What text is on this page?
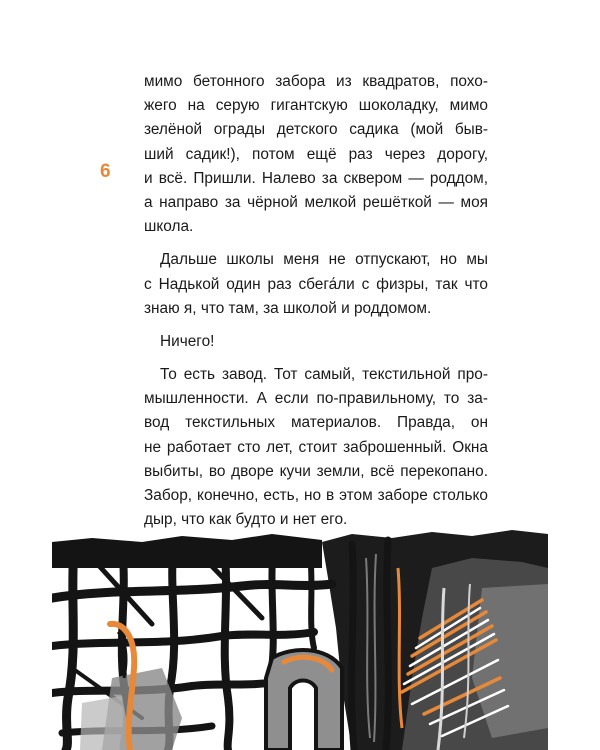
6
мимо бетонного забора из квадратов, похо-
жего на серую гигантскую шоколадку, мимо
зелёной ограды детского садика (мой быв-
ший садик!), потом ещё раз через дорогу,
и всё. Пришли. Налево за сквером — роддом,
а направо за чёрной мелкой решёткой — моя
школа.
Дальше школы меня не отпускают, но мы
с Надькой один раз сбега́ли с физры, так что
знаю я, что там, за школой и роддомом.
Ничего!
То есть завод. Тот самый, текстильной про-
мышленности. А если по-правильному, то за-
вод текстильных материалов. Правда, он
не работает сто лет, стоит заброшенный. Окна
выбиты, во дворе кучи земли, всё перекопано.
Забор, конечно, есть, но в этом заборе столько
дыр, что как будто и нет его.
